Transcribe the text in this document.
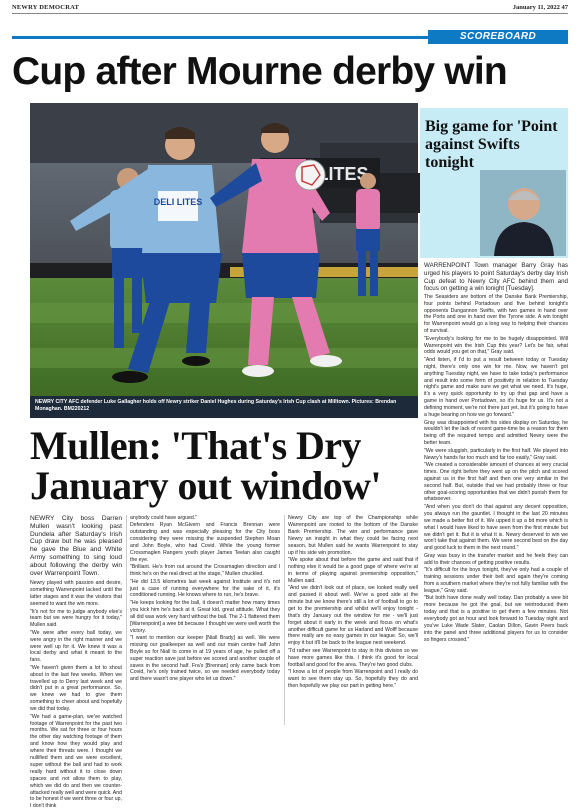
NEWRY DEMOCRAT	January 11, 2022 47
SCOREBOARD
Cup after Mourne derby win
LITES
DELI LITES
NEWRY CITY AFC defender Luke Gallagher holds off Newry striker Daniel Hughes during Saturday's Irish Cup clash at Milltown. Pictures: Brendan Monaghan. BM220212
Big game for 'Point against Swifts tonight

WARRENPOINT Town manager Barry Gray has urged his players to point Saturday's derby day Irish Cup defeat to Newry City AFC behind them and focus on getting a win tonight [Tuesday].

The Seasiders are bottom of the Danske Bank Premiership, four points behind Portadown and five behind tonight's opponents Dungannon Swifts, with two games in hand over the Ports and one in hand over the Tyrone side. A win tonight for Warrenpoint would go a long way to helping their chances of survival.

"Everybody's looking for me to be hugely disappointed. Will Warrenpoint win the Irish Cup this year? Let's be fair, what odds would you get on that," Gray said.

"And listen, if I'd to put a result between today or Tuesday night, there's only one win for me. Now, we haven't got anything Tuesday night, we have to take today's performance and result into some form of positivity in relation to Tuesday night's game and make sure we get what we need. It's huge, it's a very quick opportunity to try up that gap and have a game in hand over Portadown, so it's huge for us. It's not a defining moment, we're not there just yet, but it's going to have a huge bearing on how we go forward."

Gray was disappointed with his sides display on Saturday, he wouldn't let the lack of recent game-time be a reason for them being off the required tempo and admitted Newry were the better team.

"We were sluggish, particularly in the first half. We played into Newry's hands far too much and far too easily," Gray said.

"We created a considerable amount of chances at very crucial times. One right before they went up on the pitch and scored against us in the first half and then one very similar in the second half. But, outside that we had probably three or four other goal-scoring opportunities that we didn't punish them for whatsoever.

"And when you don't do that against any decent opposition, you always run the gauntlet. I thought in the last 20 minutes we made a better fist of it. We upped it up a bit more which is what I would have liked to have seen from the first minute but we didn't get it. But it is what it is. Newry deserved to win we won't take that against them. We were second best on the day and good luck to them in the next round."

Gray was busy in the transfer market and he feels they can add to their chances of getting positive results.

"It's difficult for the boys tonight, they've only had a couple of training sessions under their belt and again they're coming from a southern market where they're not fully familiar with the league," Gray said.

"But both have done really well today. Dan probably a wee bit more because he got the goal, but we reintroduced them today and that is a positive to get them a few minutes. Not everybody got an hour and look forward to Tuesday night and you've Luke Wade Slater, Caolan Dillon, Gavin Peers back into the panel and three additional players for us to consider so fingers crossed."

Mullen: 'That's Dry January out window'

NEWRY City boss Darren Mullen wasn't looking past Dundela after Saturday's Irish Cup draw but he was pleased he gave the Blue and White Army something to sing loud about following the derby win over Warrenpoint Town.

Newry played with passion and desire, something Warrenpoint lacked until the latter stages and it was the visitors that seemed to want the win more.

"It's not for me to judge anybody else's team but we were hungry for it today," Mullen said.

"We were after every ball today, we were angry in the right manner and we were well up for it. We knew it was a local derby and what it meant to the fans.

"We haven't given them a lot to shout about in the last few weeks. When we travelled up to Derry last week and we didn't put in a great performance. So, we knew we had to give them something to cheer about and hopefully we did that today.

"We had a game-plan, we've watched footage of Warrenpoint for the past two months. We sat for three or four hours the other day watching footage of them and know how they would play and where their threats were. I thought we nullified them and we were excellent, super without the ball and had to work really hard without it to close down spaces and not allow them to play, which we did do and then we counter-attacked really well and were quick. And to be honest if we went three or four up, I don't think

anybody could have argued."

Defenders Ryan McGivern and Francis Brennan were outstanding and was especially pleasing for the City boss considering they were missing the suspended Stephen Moan and John Boyle, who had Covid. While the young former Crossmaglen Rangers youth player James Teelan also caught the eye.

"Brilliant. He's from out around the Crossmaglen direction and I think he's on the real direct at the stage," Mullen chuckled.

"He did 13.5 kilometres last week against Institute and it's not just a case of running everywhere for the sake of it, it's conditioned running. He knows where to run, he's brave.

"He keeps looking for the ball, it doesn't matter how many times you kick him he's back at it. Great kid, great attitude. What they all did was work very hard without the ball. The 2-1 flattered them [Warrenpoint] a wee bit because I thought we were well worth the victory.

"I want to mention our keeper [Niall Brady] as well. We were missing our goalkeeper as well and our main centre half John Boyle so for Niall to come in at 19 years of age, he pulled off a super reaction save just before we scored and another couple of saves in the second half. Fra's [Brennan] only came back from Covid, he's only trained twice, so we needed everybody today and there wasn't one player who let us down."

Newry City are top of the Championship while Warrenpoint are rooted to the bottom of the Danske Bank Premiership. The win and performance gave Newry an insight in what they could be facing next season, but Mullen said he wants Warrenpoint to stay up if his side win promotion.

"We spoke about that before the game and said that if nothing else it would be a good gage of where we're at in terms of playing against premiership opposition," Mullen said.

"And we didn't look out of place, we looked really well and passed it about well. We've a good side at the minute but we know there's still a lot of football to go to get to the premiership and whilst we'll enjoy tonight - that's dry January out the window for me - we'll just forget about it early in the week and focus on what's another difficult game for us Harland and Wolff because there really are no easy games in our league. So, we'll enjoy it but it'll be back to the league next weekend.

"I'd rather see Warrenpoint to stay in this division so we have more games like this. I think it's good for local football and good for the area. They're two good clubs.

"I know a lot of people from Warrenpoint and I really do want to see them stay up. So, hopefully they do and then hopefully we play our part in getting here."
